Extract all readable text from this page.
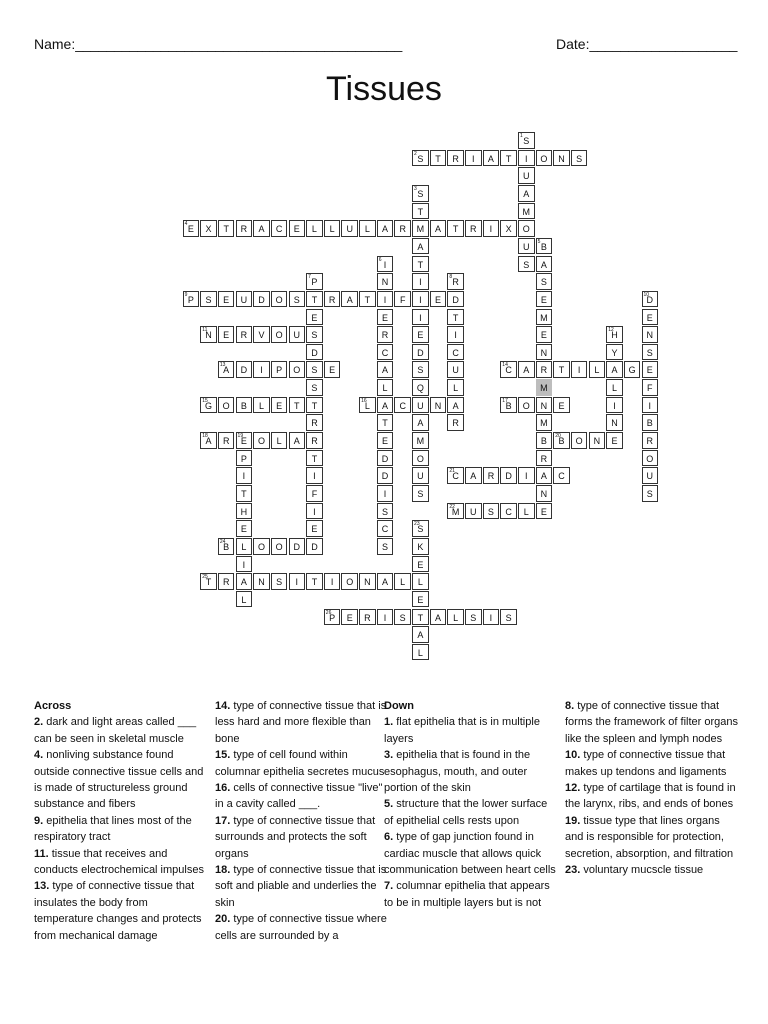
Name:__________________________________________	Date:___________________
Tissues
1 S
I
U
A
M
O
U
S
2 S	T	R	I	A	T	O	N	S
3 S
T
M
A
T
I
I
I
E
D
S
Q
U
A
M
O
U
S
4 E	X	T	R	A	C	E	L	L	U	L	A	R	A	T	R	I	X
5 B
A
S
E
M
E
N
R
M
N
M
B
R
A
N
E
6 I
N
I
E
R
C
A
L
A
T
E
D
D
I
S
C
S
7 P
T
E
S
D
S
S
T
R
R
T
I
F
I
E
D
8 R
D
T
I
C
U
L
A
R
9 P	S	E	U	D	O	S	R	A	T	F	E	10
D
E
N
S
E
F
I
B
R
O
U
S
11
N	E	R	V	O	U	12
H
Y
A
L
I
N
E
13
A	D	I	P	O	E	14
C	A	T	I	L	G
15
G	O	B	L	E	T	16
L	C	N	17
B	O	E
18
A	R	19
E	O	L	A
P
I
T
H
E
L
I
A
L
20
B	O	N
21
C	A	R	D	I	C
22
M	U	S	C	L
23
S
K
E
L
E
T
A
L
24
B	O	O	D
25
T	R	N	S	I	T	I	O	N	A	L
26
P	E	R	I	S	A	L	S	I	S
Across
2. dark and light areas called ___ can be seen in skeletal muscle
4. nonliving substance found outside connective tissue cells and is made of structureless ground substance and fibers
9. epithelia that lines most of the respiratory tract
11. tissue that receives and conducts electrochemical impulses
13. type of connective tissue that insulates the body from temperature changes and protects from mechanical damage
14. type of connective tissue that is less hard and more flexible than bone
15. type of cell found within columnar epithelia secretes mucus
16. cells of connective tissue "live" in a cavity called ___.
17. type of connective tissue that surrounds and protects the soft organs
18. type of connective tissue that is soft and pliable and underlies the skin
20. type of connective tissue where cells are surrounded by a
Down
1. flat epithelia that is in multiple layers
3. epithelia that is found in the esophagus, mouth, and outer portion of the skin
5. structure that the lower surface of epithelial cells rests upon
6. type of gap junction found in cardiac muscle that allows quick communication between heart cells
7. columnar epithelia that appears to be in multiple layers but is not
8. type of connective tissue that forms the framework of filter organs like the spleen and lymph nodes
10. type of connective tissue that makes up tendons and ligaments
12. type of cartilage that is found in the larynx, ribs, and ends of bones
19. tissue type that lines organs and is responsible for protection, secretion, absorption, and filtration
23. voluntary mucscle tissue
